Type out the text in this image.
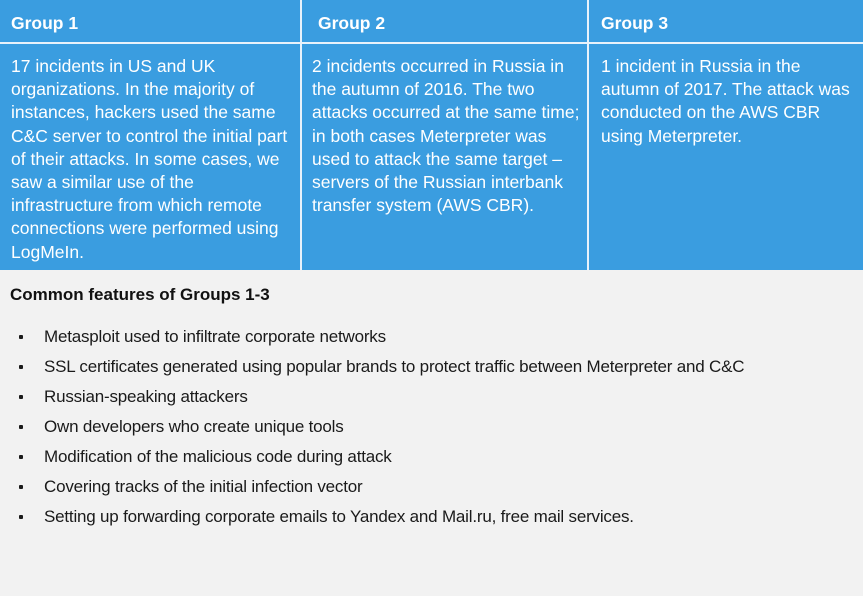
Group 1	Group 2	Group 3
17 incidents in US and UK organizations. In the majority of instances, hackers used the same C&C server to control the initial part of their attacks. In some cases, we saw a similar use of the infrastructure from which remote connections were performed using LogMeIn.
2 incidents occurred in Russia in the autumn of 2016. The two attacks occurred at the same time; in both cases Meterpreter was used to attack the same target – servers of the Russian interbank transfer system (AWS CBR).
1 incident in Russia in the autumn of 2017. The attack was conducted on the AWS CBR using Meterpreter.
Common features of Groups 1-3
Metasploit used to infiltrate corporate networks
SSL certificates generated using popular brands to protect traffic between Meterpreter and C&C
Russian-speaking attackers
Own developers who create unique tools
Modification of the malicious code during attack
Covering tracks of the initial infection vector
Setting up forwarding corporate emails to Yandex and Mail.ru, free mail services.
